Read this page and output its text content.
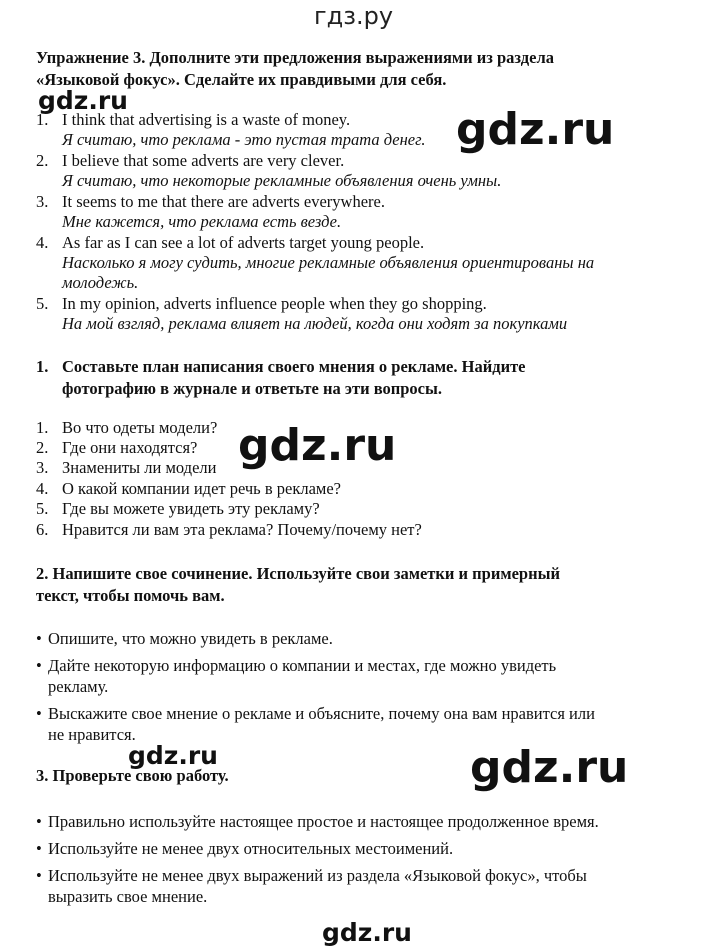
гдз.ру
Упражнение 3. Дополните эти предложения выражениями из раздела
«Языковой фокус». Сделайте их правдивыми для себя.
1. I think that advertising is a waste of money.
Я считаю, что реклама - это пустая трата денег.
2. I believe that some adverts are very clever.
Я считаю, что некоторые рекламные объявления очень умны.
3. It seems to me that there are adverts everywhere.
Мне кажется, что реклама есть везде.
4. As far as I can see a lot of adverts target young people.
Насколько я могу судить, многие рекламные объявления ориентированы на
молодежь.
5. In my opinion, adverts influence people when they go shopping.
На мой взгляд, реклама влияет на людей, когда они ходят за покупками
1. Составьте план написания своего мнения о рекламе. Найдите
фотографию в журнале и ответьте на эти вопросы.
1. Во что одеты модели?
2. Где они находятся?
3. Знамениты ли модели
4. О какой компании идет речь в рекламе?
5. Где вы можете увидеть эту рекламу?
6. Нравится ли вам эта реклама? Почему/почему нет?
2. Напишите свое сочинение. Используйте свои заметки и примерный
текст, чтобы помочь вам.
• Опишите, что можно увидеть в рекламе.
• Дайте некоторую информацию о компании и местах, где можно увидеть
рекламу.
• Выскажите свое мнение о рекламе и объясните, почему она вам нравится или
не нравится.
3. Проверьте свою работу.
• Правильно используйте настоящее простое и настоящее продолженное время.
• Используйте не менее двух относительных местоимений.
• Используйте не менее двух выражений из раздела «Языковой фокус», чтобы
выразить свое мнение.
gdz.ru
gdz.ru
gdz.ru
gdz.ru	gdz.ru
gdz.ru
